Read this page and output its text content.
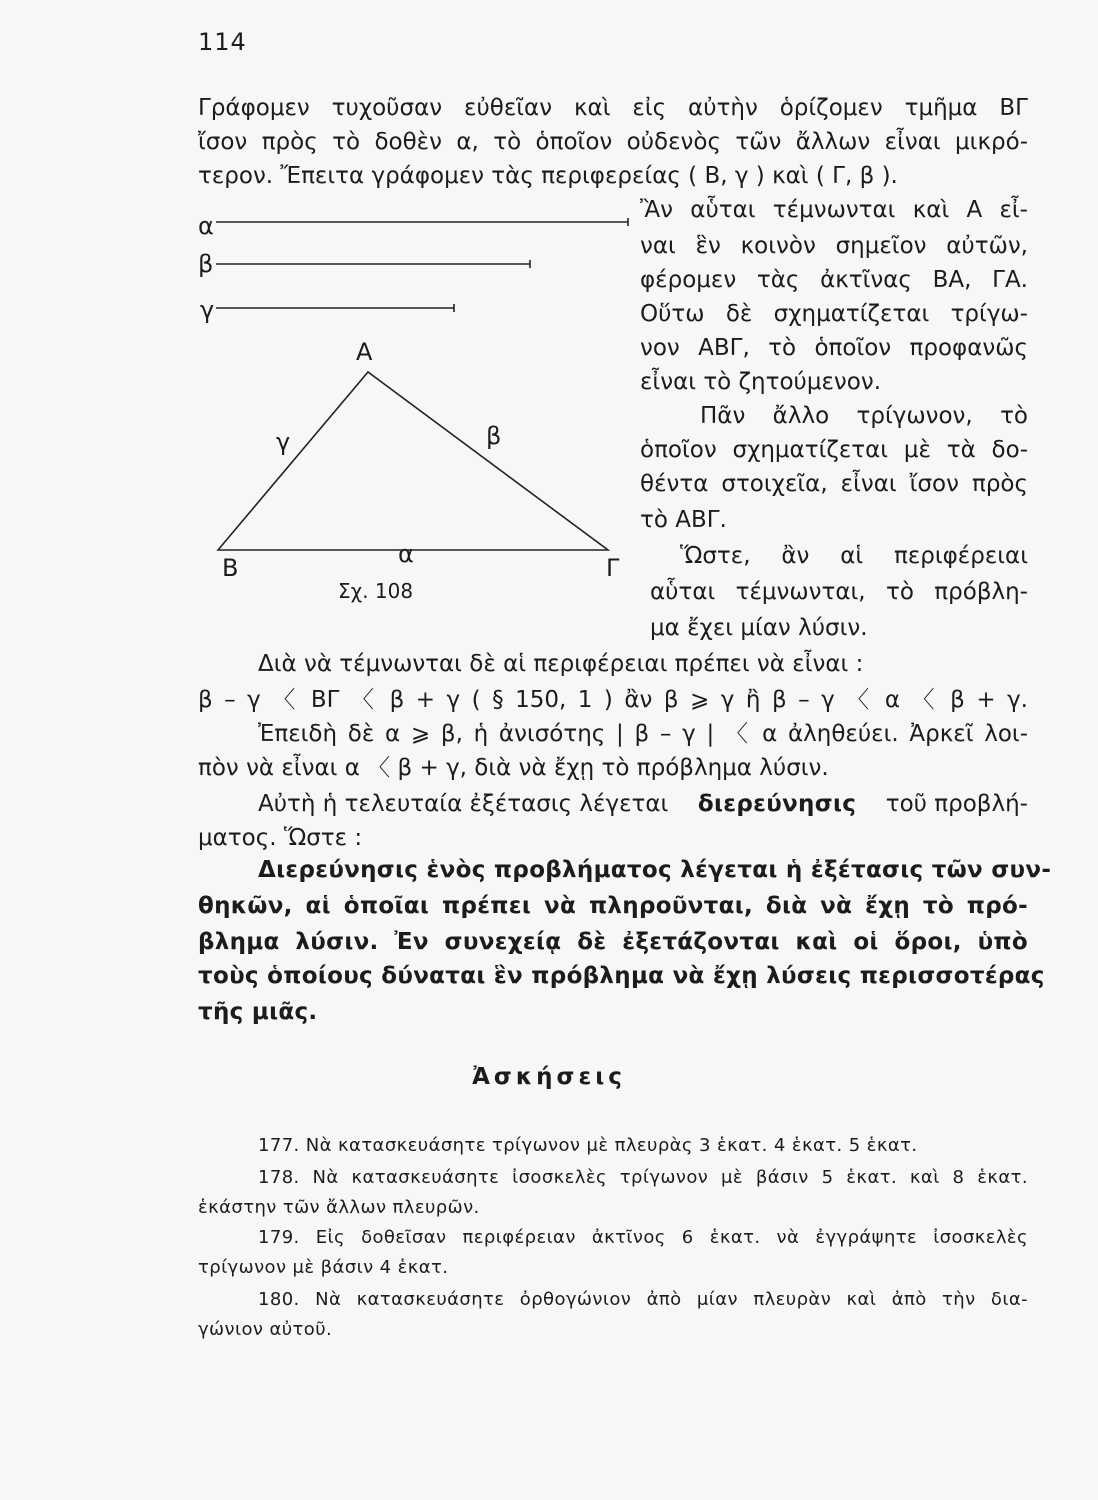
114
Γράφομεν τυχοῦσαν εὐθεῖαν καὶ εἰς αὐτὴν ὁρίζομεν τμῆμα ΒΓ
ἴσον πρὸς τὸ δοθὲν α, τὸ ὁποῖον οὐδενὸς τῶν ἄλλων εἶναι μικρό-
τερον. Ἔπειτα γράφομεν τὰς περιφερείας ( Β, γ ) καὶ ( Γ, β ).
Ἂν αὗται τέμνωνται καὶ Α εἶ-
ναι ἓν κοινὸν σημεῖον αὐτῶν,
φέρομεν τὰς ἀκτῖνας ΒΑ, ΓΑ.
Οὕτω δὲ σχηματίζεται τρίγω-
νον ΑΒΓ, τὸ ὁποῖον προφανῶς
εἶναι τὸ ζητούμενον.
Πᾶν ἄλλο τρίγωνον, τὸ
ὁποῖον σχηματίζεται μὲ τὰ δο-
θέντα στοιχεῖα, εἶναι ἴσον πρὸς
τὸ ΑΒΓ.
Ὥστε, ἂν αἱ περιφέρειαι
αὗται τέμνωνται, τὸ πρόβλη-
μα ἔχει μίαν λύσιν.
α
β
γ
Α
Β	Γ
α
β
γ
Σχ. 108
Διὰ νὰ τέμνωνται δὲ αἱ περιφέρειαι πρέπει νὰ εἶναι :
β – γ 〈 ΒΓ 〈 β + γ ( § 150, 1 ) ἂν β ⩾ γ ἢ β – γ 〈 α 〈 β + γ.
Ἐπειδὴ δὲ α ⩾ β, ἡ ἀνισότης | β – γ | 〈 α ἀληθεύει. Ἀρκεῖ λοι-
πὸν νὰ εἶναι α 〈 β + γ, διὰ νὰ ἔχῃ τὸ πρόβλημα λύσιν.
Αὐτὴ ἡ τελευταία ἐξέτασις λέγεται διερεύνησις τοῦ προβλή-
ματος. Ὥστε :
Διερεύνησις ἑνὸς προβλήματος λέγεται ἡ ἐξέτασις τῶν συν-
θηκῶν, αἱ ὁποῖαι πρέπει νὰ πληροῦνται, διὰ νὰ ἔχῃ τὸ πρό-
βλημα λύσιν. Ἐν συνεχείᾳ δὲ ἐξετάζονται καὶ οἱ ὅροι, ὑπὸ
τοὺς ὁποίους δύναται ἓν πρόβλημα νὰ ἔχῃ λύσεις περισσοτέρας
τῆς μιᾶς.
Ἀσκήσεις
177. Νὰ κατασκευάσητε τρίγωνον μὲ πλευρὰς 3 ἑκατ. 4 ἑκατ. 5 ἑκατ.
178. Νὰ κατασκευάσητε ἰσοσκελὲς τρίγωνον μὲ βάσιν 5 ἑκατ. καὶ 8 ἑκατ.
ἑκάστην τῶν ἄλλων πλευρῶν.
179. Εἰς δοθεῖσαν περιφέρειαν ἀκτῖνος 6 ἑκατ. νὰ ἐγγράψητε ἰσοσκελὲς
τρίγωνον μὲ βάσιν 4 ἑκατ.
180. Νὰ κατασκευάσητε ὀρθογώνιον ἀπὸ μίαν πλευρὰν καὶ ἀπὸ τὴν δια-
γώνιον αὐτοῦ.
